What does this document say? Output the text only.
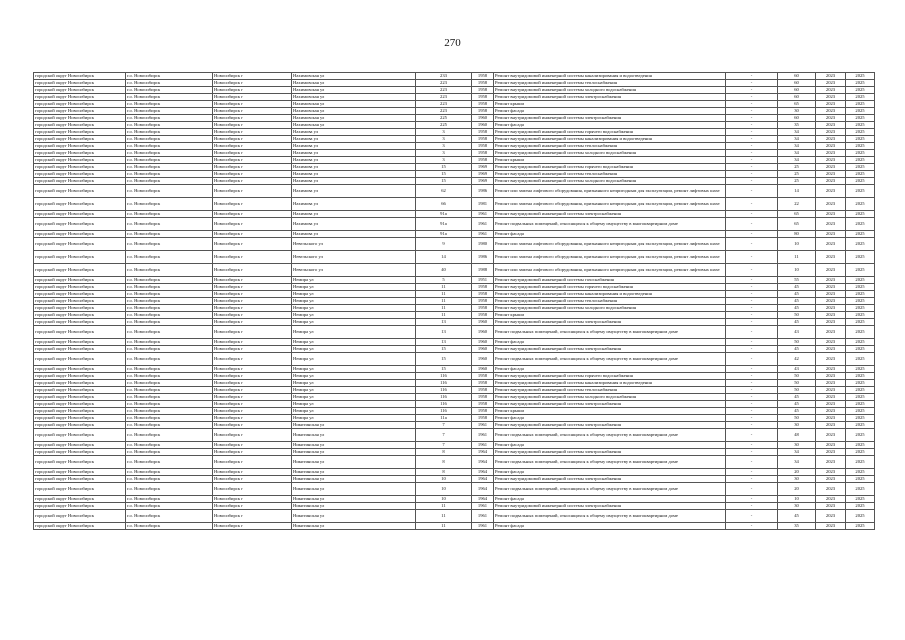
270
городской округ Новосибирск	г.о. Новосибирск	Новосибирск г	Нахимовская ул	233	1958	Ремонт внутридомовой инженерной системы канализирования и водоотведения	-	60	2023	2025
городской округ Новосибирск	г.о. Новосибирск	Новосибирск г	Нахимовская ул	223	1958	Ремонт внутридомовой инженерной системы теплоснабжения	-	60	2023	2025
городской округ Новосибирск	г.о. Новосибирск	Новосибирск г	Нахимовская ул	223	1958	Ремонт внутридомовой инженерной системы холодного водоснабжения	-	60	2023	2025
городской округ Новосибирск	г.о. Новосибирск	Новосибирск г	Нахимовская ул	223	1958	Ремонт внутридомовой инженерной системы электроснабжения	-	60	2023	2025
городской округ Новосибирск	г.о. Новосибирск	Новосибирск г	Нахимовская ул	223	1958	Ремонт крыши	-	65	2023	2025
городской округ Новосибирск	г.о. Новосибирск	Новосибирск г	Нахимовская ул	223	1958	Ремонт фасада	-	30	2023	2025
городской округ Новосибирск	г.о. Новосибирск	Новосибирск г	Нахимовская ул	225	1960	Ремонт внутридомовой инженерной системы электроснабжения	-	60	2023	2025
городской округ Новосибирск	г.о. Новосибирск	Новосибирск г	Нахимовская ул	225	1960	Ремонт фасада	-	35	2023	2025
городской округ Новосибирск	г.о. Новосибирск	Новосибирск г	Нахимова ул	3	1958	Ремонт внутридомовой инженерной системы горячего водоснабжения	-	34	2023	2025
городской округ Новосибирск	г.о. Новосибирск	Новосибирск г	Нахимова ул	3	1958	Ремонт внутридомовой инженерной системы канализирования и водоотведения	-	34	2023	2025
городской округ Новосибирск	г.о. Новосибирск	Новосибирск г	Нахимова ул	3	1958	Ремонт внутридомовой инженерной системы теплоснабжения	-	34	2023	2025
городской округ Новосибирск	г.о. Новосибирск	Новосибирск г	Нахимова ул	3	1958	Ремонт внутридомовой инженерной системы холодного водоснабжения	-	34	2023	2025
городской округ Новосибирск	г.о. Новосибирск	Новосибирск г	Нахимова ул	3	1958	Ремонт крыши	-	34	2023	2025
городской округ Новосибирск	г.о. Новосибирск	Новосибирск г	Нахимова ул	15	1969	Ремонт внутридомовой инженерной системы горячего водоснабжения	-	25	2023	2025
городской округ Новосибирск	г.о. Новосибирск	Новосибирск г	Нахимова ул	15	1969	Ремонт внутридомовой инженерной системы теплоснабжения	-	25	2023	2025
городской округ Новосибирск	г.о. Новосибирск	Новосибирск г	Нахимова ул	15	1969	Ремонт внутридомовой инженерной системы холодного водоснабжения	-	25	2023	2025
городской округ Новосибирск	г.о. Новосибирск	Новосибирск г	Нахимова ул	62	1986	Ремонт или замена лифтового оборудования, признанного непригодным для эксплуатации, ремонт лифтовых шахт	-	14	2023	2025
городской округ Новосибирск	г.о. Новосибирск	Новосибирск г	Нахимова ул	66	1981	Ремонт или замена лифтового оборудования, признанного непригодным для эксплуатации, ремонт лифтовых шахт	-	22	2023	2025
городской округ Новосибирск	г.о. Новосибирск	Новосибирск г	Нахимова ул	91а	1961	Ремонт внутридомовой инженерной системы электроснабжения	-	65	2023	2025
городской округ Новосибирск	г.о. Новосибирск	Новосибирск г	Нахимова ул	91а	1961	Ремонт подвальных помещений, относящихся к общему имуществу в многоквартирном доме	-	65	2023	2025
городской округ Новосибирск	г.о. Новосибирск	Новосибирск г	Нахимова ул	91а	1961	Ремонт фасада	-	80	2023	2025
городской округ Новосибирск	г.о. Новосибирск	Новосибирск г	Невельского ул	9	1980	Ремонт или замена лифтового оборудования, признанного непригодным для эксплуатации, ремонт лифтовых шахт	-	10	2023	2025
городской округ Новосибирск	г.о. Новосибирск	Новосибирск г	Невельского ул	14	1986	Ремонт или замена лифтового оборудования, признанного непригодным для эксплуатации, ремонт лифтовых шахт	-	11	2023	2025
городской округ Новосибирск	г.о. Новосибирск	Новосибирск г	Невельского ул	40	1988	Ремонт или замена лифтового оборудования, признанного непригодным для эксплуатации, ремонт лифтовых шахт	-	10	2023	2025
городской округ Новосибирск	г.о. Новосибирск	Новосибирск г	Немира ул	5	1951	Ремонт внутридомовой инженерной системы газоснабжения	-	55	2023	2025
городской округ Новосибирск	г.о. Новосибирск	Новосибирск г	Немира ул	11	1958	Ремонт внутридомовой инженерной системы горячего водоснабжения	-	45	2023	2025
городской округ Новосибирск	г.о. Новосибирск	Новосибирск г	Немира ул	11	1958	Ремонт внутридомовой инженерной системы канализирования и водоотведения	-	45	2023	2025
городской округ Новосибирск	г.о. Новосибирск	Новосибирск г	Немира ул	11	1958	Ремонт внутридомовой инженерной системы теплоснабжения	-	45	2023	2025
городской округ Новосибирск	г.о. Новосибирск	Новосибирск г	Немира ул	11	1958	Ремонт внутридомовой инженерной системы холодного водоснабжения	-	45	2023	2025
городской округ Новосибирск	г.о. Новосибирск	Новосибирск г	Немира ул	11	1958	Ремонт крыши	-	50	2023	2025
городской округ Новосибирск	г.о. Новосибирск	Новосибирск г	Немира ул	13	1960	Ремонт внутридомовой инженерной системы электроснабжения	-	45	2023	2025
городской округ Новосибирск	г.о. Новосибирск	Новосибирск г	Немира ул	13	1960	Ремонт подвальных помещений, относящихся к общему имуществу в многоквартирном доме	-	43	2023	2025
городской округ Новосибирск	г.о. Новосибирск	Новосибирск г	Немира ул	13	1960	Ремонт фасада	-	50	2023	2025
городской округ Новосибирск	г.о. Новосибирск	Новосибирск г	Немира ул	15	1960	Ремонт внутридомовой инженерной системы электроснабжения	-	45	2023	2025
городской округ Новосибирск	г.о. Новосибирск	Новосибирск г	Немира ул	15	1960	Ремонт подвальных помещений, относящихся к общему имуществу в многоквартирном доме	-	42	2023	2025
городской округ Новосибирск	г.о. Новосибирск	Новосибирск г	Немира ул	15	1960	Ремонт фасада	-	43	2023	2025
городской округ Новосибирск	г.о. Новосибирск	Новосибирск г	Немира ул	116	1958	Ремонт внутридомовой инженерной системы горячего водоснабжения	-	50	2023	2025
городской округ Новосибирск	г.о. Новосибирск	Новосибирск г	Немира ул	116	1958	Ремонт внутридомовой инженерной системы канализирования и водоотведения	-	50	2023	2025
городской округ Новосибирск	г.о. Новосибирск	Новосибирск г	Немира ул	116	1958	Ремонт внутридомовой инженерной системы теплоснабжения	-	50	2023	2025
городской округ Новосибирск	г.о. Новосибирск	Новосибирск г	Немира ул	116	1958	Ремонт внутридомовой инженерной системы холодного водоснабжения	-	45	2023	2025
городской округ Новосибирск	г.о. Новосибирск	Новосибирск г	Немира ул	116	1958	Ремонт внутридомовой инженерной системы электроснабжения	-	45	2023	2025
городской округ Новосибирск	г.о. Новосибирск	Новосибирск г	Немира ул	116	1958	Ремонт крыши	-	45	2023	2025
городской округ Новосибирск	г.о. Новосибирск	Новосибирск г	Немира ул	11а	1958	Ремонт фасада	-	50	2023	2025
городской округ Новосибирск	г.о. Новосибирск	Новосибирск г	Никитинская ул	7	1961	Ремонт внутридомовой инженерной системы электроснабжения	-	30	2023	2025
городской округ Новосибирск	г.о. Новосибирск	Новосибирск г	Никитинская ул	7	1961	Ремонт подвальных помещений, относящихся к общему имуществу в многоквартирном доме	-	48	2023	2025
городской округ Новосибирск	г.о. Новосибирск	Новосибирск г	Никитинская ул	7	1961	Ремонт фасада	-	30	2023	2025
городской округ Новосибирск	г.о. Новосибирск	Новосибирск г	Никитинская ул	8	1964	Ремонт внутридомовой инженерной системы электроснабжения	-	34	2023	2025
городской округ Новосибирск	г.о. Новосибирск	Новосибирск г	Никитинская ул	8	1964	Ремонт подвальных помещений, относящихся к общему имуществу в многоквартирном доме	-	34	2023	2025
городской округ Новосибирск	г.о. Новосибирск	Новосибирск г	Никитинская ул	8	1964	Ремонт фасада	-	20	2023	2025
городской округ Новосибирск	г.о. Новосибирск	Новосибирск г	Никитинская ул	10	1964	Ремонт внутридомовой инженерной системы электроснабжения	-	30	2023	2025
городской округ Новосибирск	г.о. Новосибирск	Новосибирск г	Никитинская ул	10	1964	Ремонт подвальных помещений, относящихся к общему имуществу в многоквартирном доме	-	20	2023	2025
городской округ Новосибирск	г.о. Новосибирск	Новосибирск г	Никитинская ул	10	1964	Ремонт фасада	-	10	2023	2025
городской округ Новосибирск	г.о. Новосибирск	Новосибирск г	Никитинская ул	11	1961	Ремонт внутридомовой инженерной системы электроснабжения	-	30	2023	2025
городской округ Новосибирск	г.о. Новосибирск	Новосибирск г	Никитинская ул	11	1961	Ремонт подвальных помещений, относящихся к общему имуществу в многоквартирном доме	-	45	2023	2025
городской округ Новосибирск	г.о. Новосибирск	Новосибирск г	Никитинская ул	11	1961	Ремонт фасада	-	35	2023	2025
